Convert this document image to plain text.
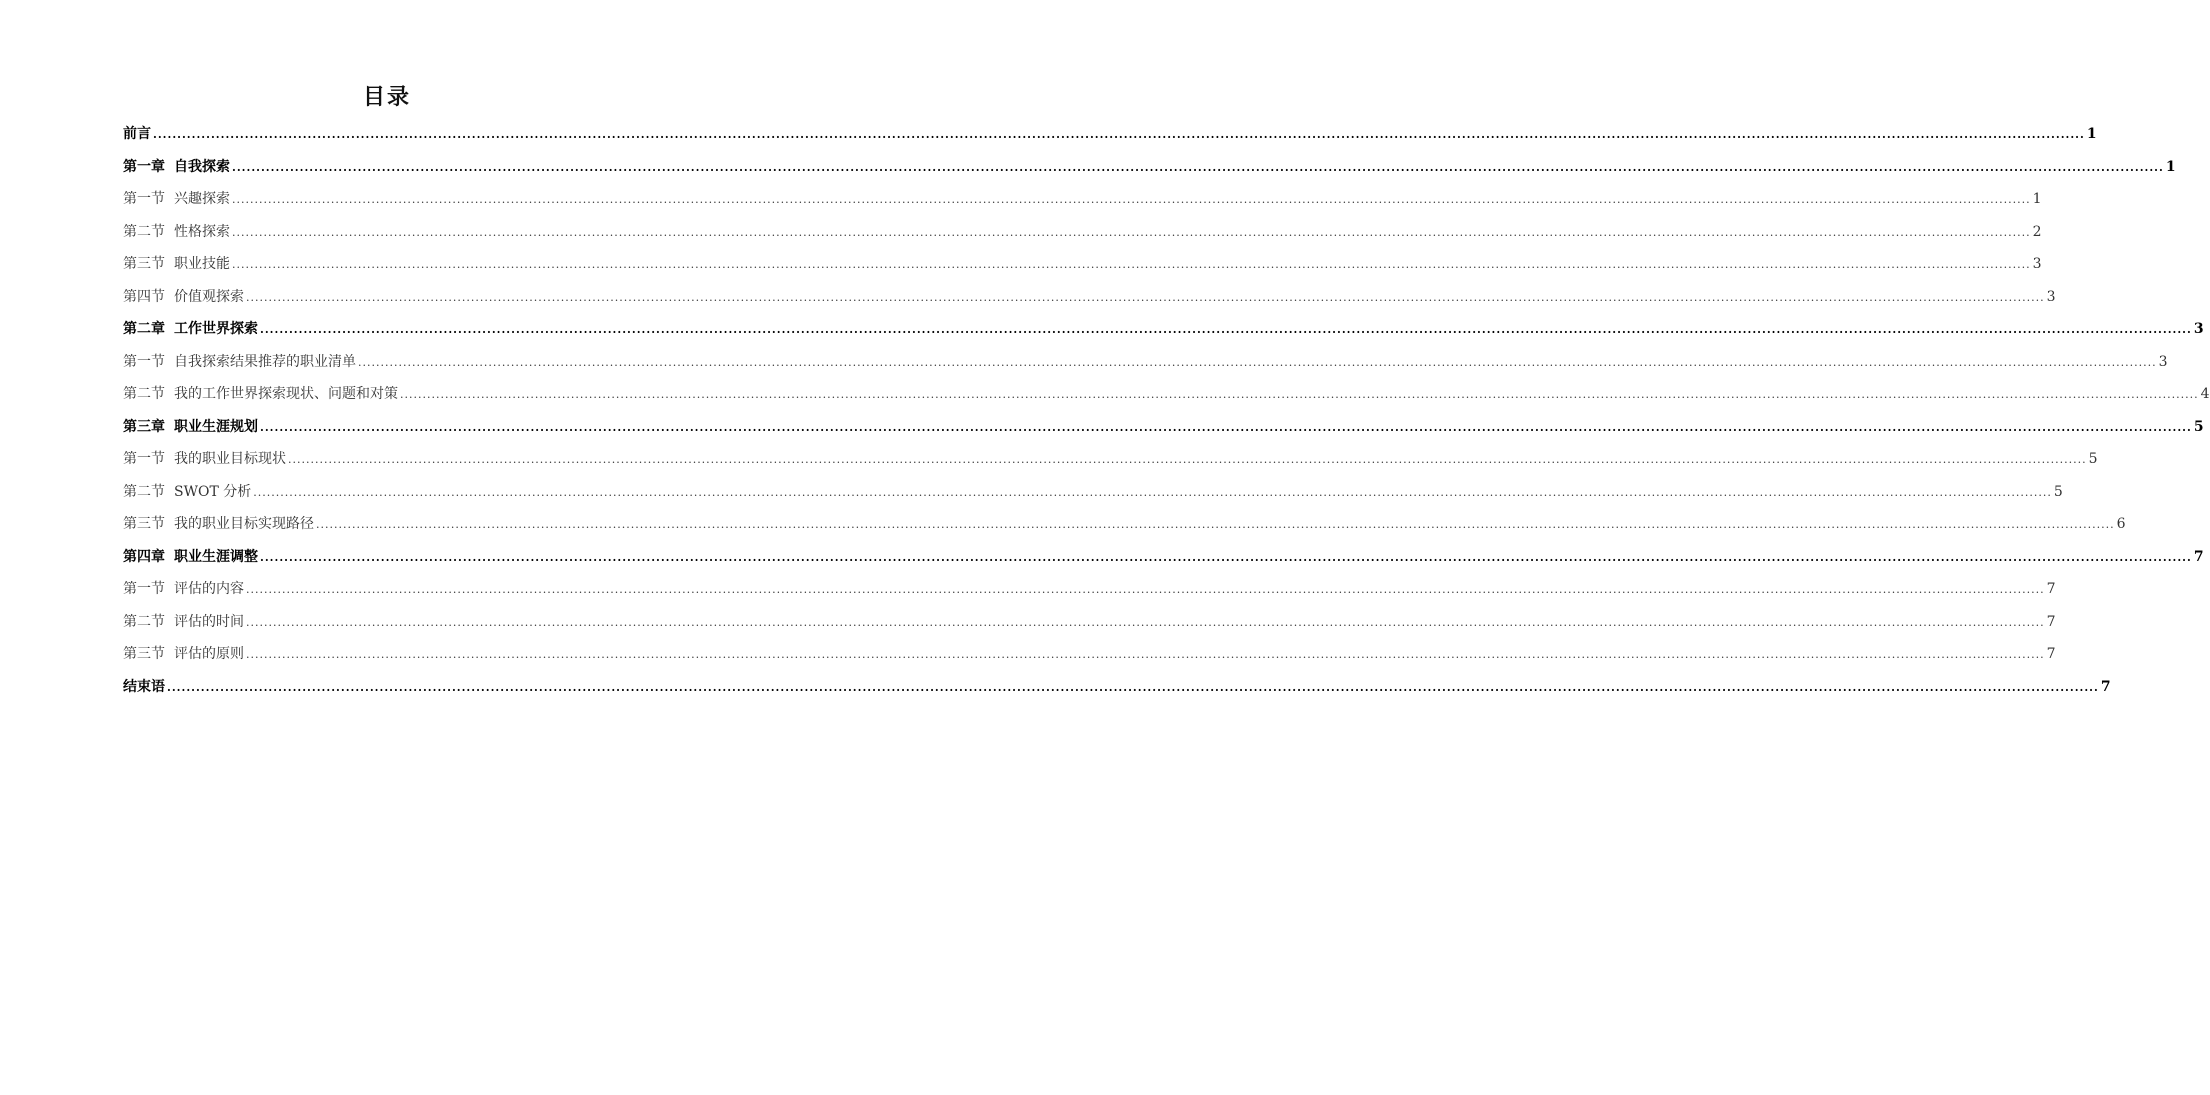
目录
前言 ................................................................................................................................................................................................................................................................................................................................................................................................................ 1
第一章 自我探索 ................................................................................................................................................................................................................................................................................................................................................................................................................ 1
第一节 兴趣探索 ................................................................................................................................................................................................................................................................................................................................................................................................................ 1
第二节 性格探索 ................................................................................................................................................................................................................................................................................................................................................................................................................ 2
第三节 职业技能 ................................................................................................................................................................................................................................................................................................................................................................................................................ 3
第四节 价值观探索 ................................................................................................................................................................................................................................................................................................................................................................................................................ 3
第二章 工作世界探索 ................................................................................................................................................................................................................................................................................................................................................................................................................ 3
第一节 自我探索结果推荐的职业清单 ................................................................................................................................................................................................................................................................................................................................................................................................................ 3
第二节 我的工作世界探索现状、问题和对策 ................................................................................................................................................................................................................................................................................................................................................................................................................ 4
第三章 职业生涯规划 ................................................................................................................................................................................................................................................................................................................................................................................................................ 5
第一节 我的职业目标现状 ................................................................................................................................................................................................................................................................................................................................................................................................................ 5
第二节 SWOT 分析 ................................................................................................................................................................................................................................................................................................................................................................................................................ 5
第三节 我的职业目标实现路径 ................................................................................................................................................................................................................................................................................................................................................................................................................ 6
第四章 职业生涯调整 ................................................................................................................................................................................................................................................................................................................................................................................................................ 7
第一节 评估的内容 ................................................................................................................................................................................................................................................................................................................................................................................................................ 7
第二节 评估的时间 ................................................................................................................................................................................................................................................................................................................................................................................................................ 7
第三节 评估的原则 ................................................................................................................................................................................................................................................................................................................................................................................................................ 7
结束语 ................................................................................................................................................................................................................................................................................................................................................................................................................ 7
